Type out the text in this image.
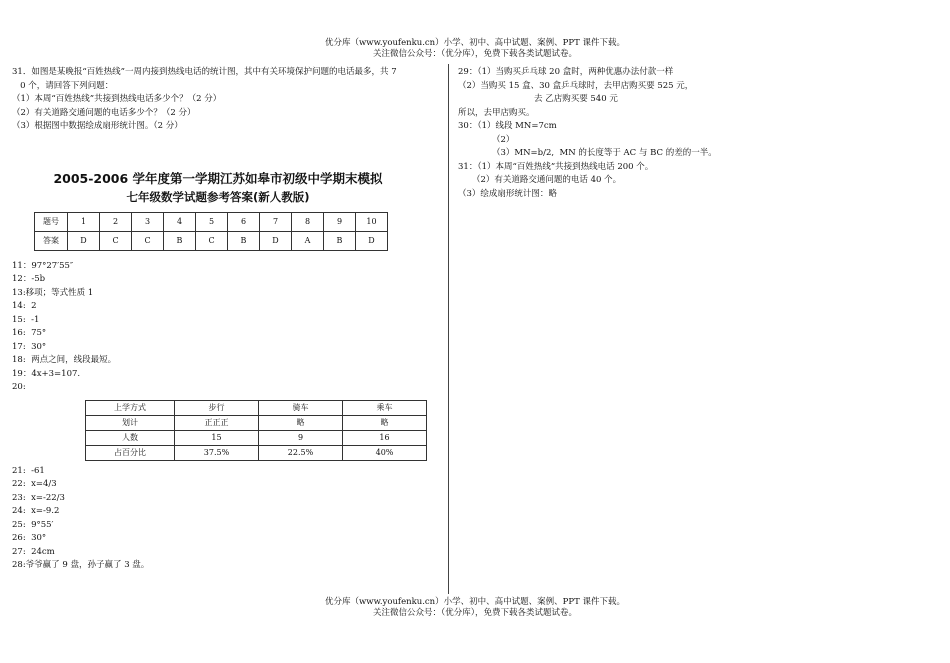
优分库（www.youfenku.cn）小学、初中、高中试题、案例、PPT 课件下载。
关注微信公众号：（优分库），免费下载各类试题试卷。
31．如图是某晚报“百姓热线”一周内接到热线电话的统计图，其中有关环境保护问题的电话最多，共 7
0 个，请回答下列问题：
（1）本周“百姓热线”共接到热线电话多少个？（2 分）
（2）有关道路交通问题的电话多少个？（2 分）
（3）根据图中数据绘成扇形统计图。（2 分）
2005-2006 学年度第一学期江苏如皋市初级中学期末模拟
七年级数学试题参考答案(新人教版)
题号	1	2	3	4	5	6	7	8	9	10
答案	D	C	C	B	C	B	D	A	B	D
11：97°27′55″
12：-5b
13:移项；等式性质 1
14:  2
15:  -1
16:  75°
17:  30°
18:  两点之间，线段最短。
19：4x+3=107.
20:
上学方式	步行	骑车	乘车
划计	正正正	略	略
人数	15	9	16
占百分比	37.5%	22.5%	40%
21:  -61
22:  x=4/3
23:  x=-22/3
24:  x=-9.2
25:  9°55′
26:  30°
27:  24cm
28:爷爷赢了 9 盘，孙子赢了 3 盘。
29：（1）当购买乒乓球 20 盒时，两种优惠办法付款一样
（2）当购买 15 盒、30 盒乒乓球时，去甲店购买要 525 元，
去 乙店购买要 540 元
所以，去甲店购买。
30：（1）线段 MN=7cm
（2）
（3）MN=b/2,  MN 的长度等于 AC 与 BC 的差的一半。
31：（1）本周“百姓热线”共接到热线电话 200 个。
（2）有关道路交通问题的电话 40 个。
（3）绘成扇形统计图：略
优分库（www.youfenku.cn）小学、初中、高中试题、案例、PPT 课件下载。
关注微信公众号：（优分库），免费下载各类试题试卷。
